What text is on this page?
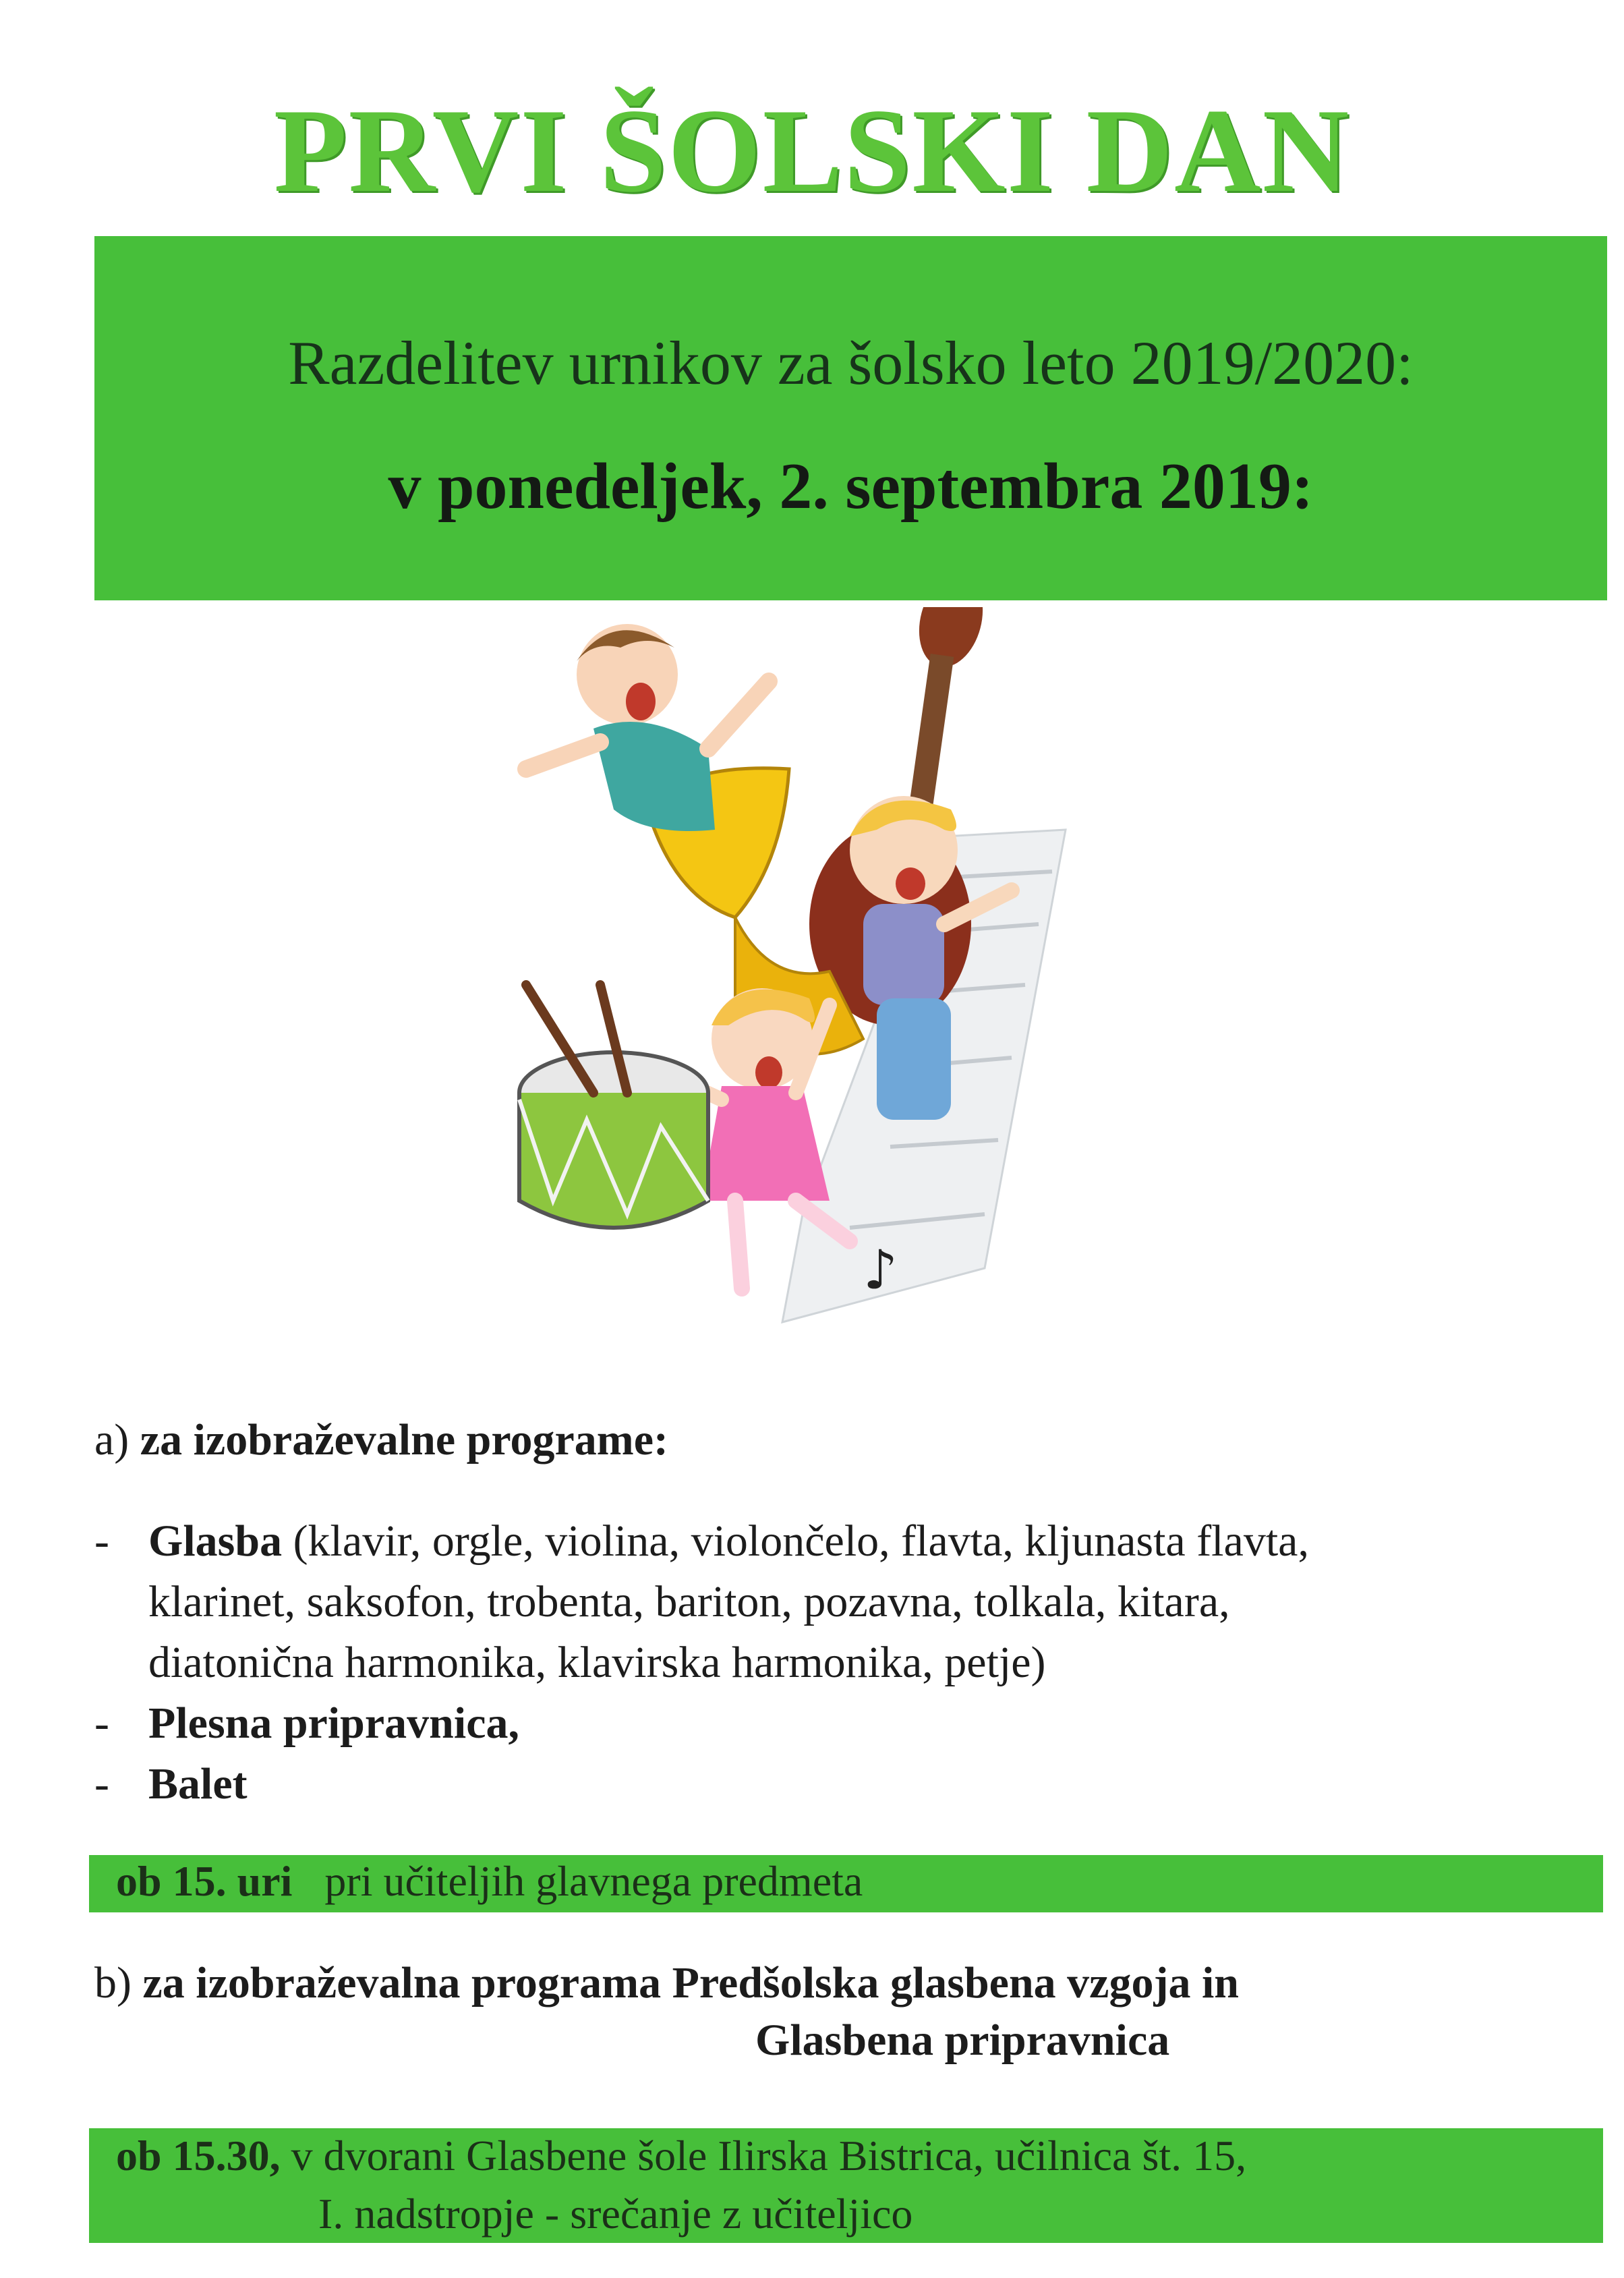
PRVI ŠOLSKI DAN
Razdelitev urnikov za šolsko leto 2019/2020:
v ponedeljek, 2. septembra 2019:
♪
a) za izobraževalne programe:
- Glasba (klavir, orgle, violina, violončelo, flavta, kljunasta flavta,
klarinet, saksofon, trobenta, bariton, pozavna, tolkala, kitara,
diatonična harmonika, klavirska harmonika, petje)
- Plesna pripravnica,
- Balet
ob 15. uri pri učiteljih glavnega predmeta
b) za izobraževalna programa Predšolska glasbena vzgoja in
Glasbena pripravnica
ob 15.30, v dvorani Glasbene šole Ilirska Bistrica, učilnica št. 15,
I. nadstropje - srečanje z učiteljico
